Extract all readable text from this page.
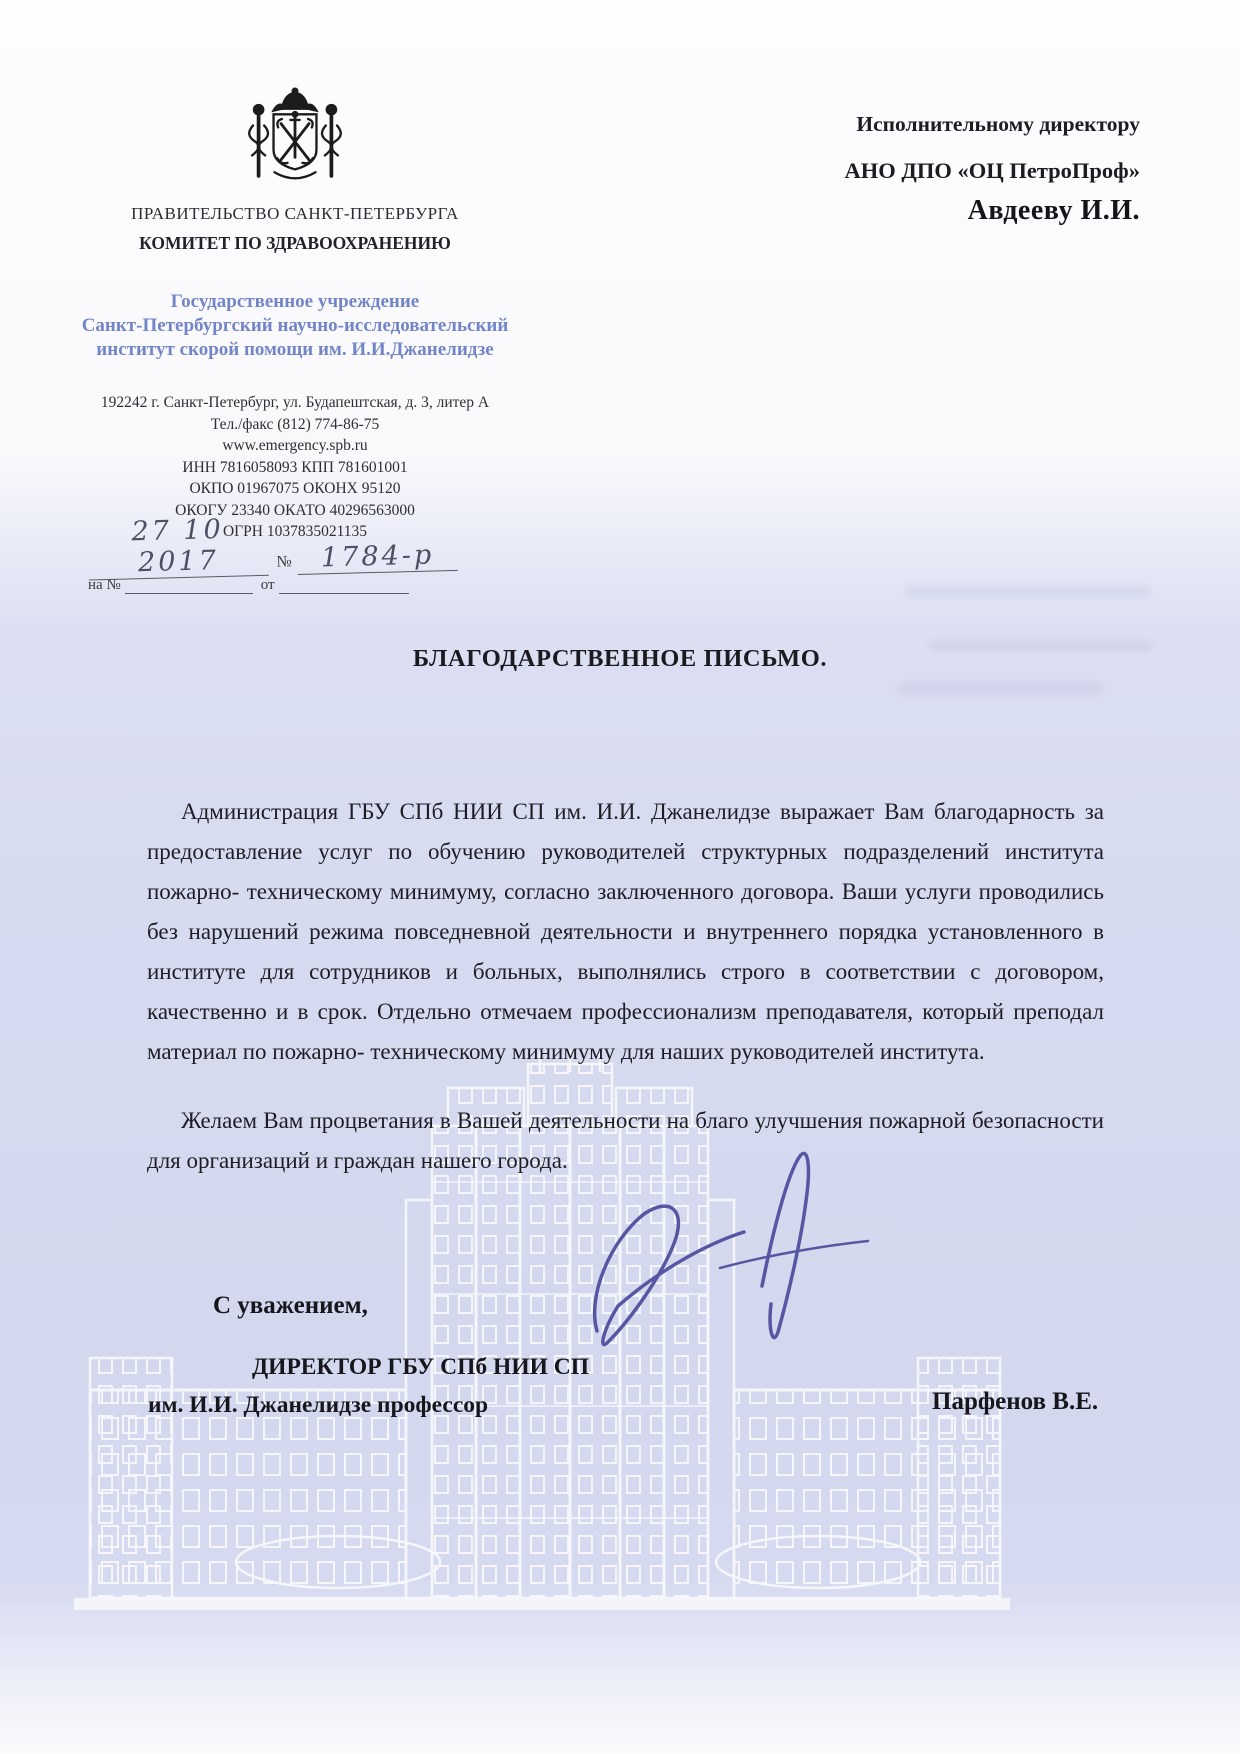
ПРАВИТЕЛЬСТВО САНКТ-ПЕТЕРБУРГА
КОМИТЕТ ПО ЗДРАВООХРАНЕНИЮ
Государственное учреждение
Санкт-Петербургский научно-исследовательский
институт скорой помощи им. И.И.Джанелидзе
192242 г. Санкт-Петербург, ул. Будапештская, д. 3, литер А
Тел./факс (812) 774-86-75
www.emergency.spb.ru
ИНН 7816058093 КПП 781601001
ОКПО 01967075 ОКОНХ 95120
ОКОГУ 23340 ОКАТО 40296563000
ОГРН 1037835021135
27 10 2017	№	1784-р
на №	от
Исполнительному директору
АНО ДПО «ОЦ ПетроПроф»
Авдееву И.И.
БЛАГОДАРСТВЕННОЕ ПИСЬМО.

Администрация ГБУ СПб НИИ СП им. И.И. Джанелидзе выражает Вам благодарность за предоставление услуг по обучению руководителей структурных подразделений института пожарно- техническому минимуму, согласно заключенного договора. Ваши услуги проводились без нарушений режима повседневной деятельности и внутреннего порядка установленного в институте для сотрудников и больных, выполнялись строго в соответствии с договором, качественно и в срок. Отдельно отмечаем профессионализм преподавателя, который преподал материал по пожарно- техническому минимуму для наших руководителей института.

Желаем Вам процветания в Вашей деятельности на благо улучшения пожарной безопасности для организаций и граждан нашего города.

С уважением,
ДИРЕКТОР ГБУ СПб НИИ СП
им. И.И. Джанелидзе профессор	Парфенов В.Е.
